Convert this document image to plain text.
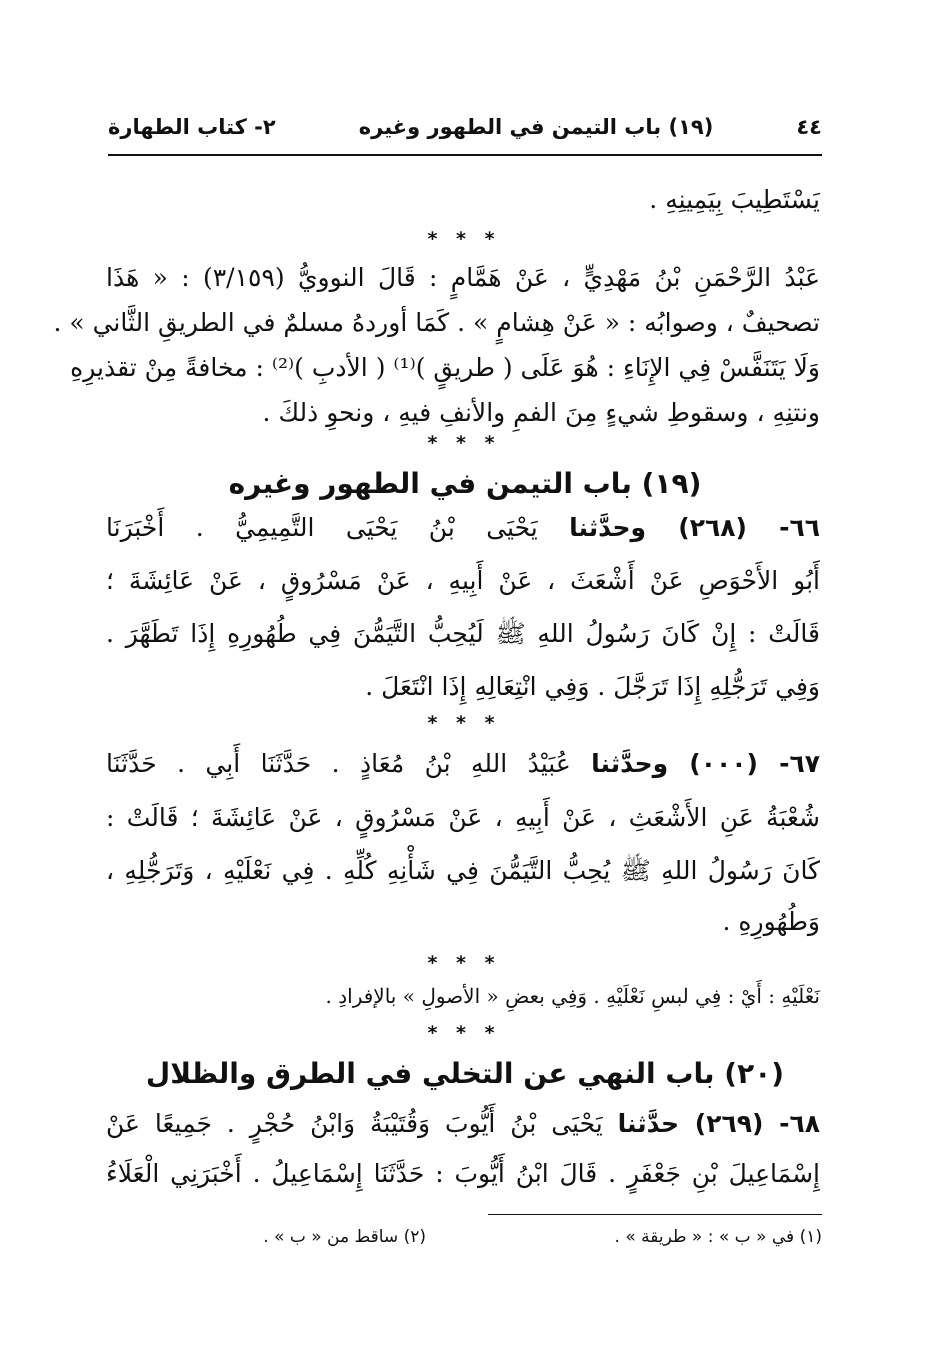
٤٤
(١٩) باب التيمن في الطهور وغيره
٢- كتاب الطهارة
يَسْتَطِيبَ بِيَمِينِهِ .
* * *
عَبْدُ الرَّحْمَنِ بْنُ مَهْدِيٍّ ، عَنْ هَمَّامٍ : قَالَ النوويُّ (٣/١٥٩) : « هَذَا
تصحيفٌ ، وصوابُه : « عَنْ هِشامٍ » . كَمَا أوردهُ مسلمٌ في الطريقِ الثَّاني » .
وَلَا يَتَنَفَّسْ فِي الإِنَاءِ : هُوَ عَلَى ( طريقٍ )⁽¹⁾ ( الأدبِ )⁽²⁾ : مخافةً مِنْ تقذيرِهِ
ونتنِهِ ، وسقوطِ شيءٍ مِنَ الفمِ والأنفِ فيهِ ، ونحوِ ذلكَ .
* * *
(١٩) باب التيمن في الطهور وغيره
٦٦- (٢٦٨) وحدَّثنا يَحْيَى بْنُ يَحْيَى التَّمِيمِيُّ . أَخْبَرَنَا
أَبُو الأَحْوَصِ عَنْ أَشْعَثَ ، عَنْ أَبِيهِ ، عَنْ مَسْرُوقٍ ، عَنْ عَائِشَةَ ؛
قَالَتْ : إِنْ كَانَ رَسُولُ اللهِ ﷺ لَيُحِبُّ التَّيَمُّنَ فِي طُهُورِهِ إِذَا تَطَهَّرَ .
وَفِي تَرَجُّلِهِ إِذَا تَرَجَّلَ . وَفِي انْتِعَالِهِ إِذَا انْتَعَلَ .
* * *
٦٧- (٠٠٠) وحدَّثنا عُبَيْدُ اللهِ بْنُ مُعَاذٍ . حَدَّثَنَا أَبِي . حَدَّثَنَا
شُعْبَةُ عَنِ الأَشْعَثِ ، عَنْ أَبِيهِ ، عَنْ مَسْرُوقٍ ، عَنْ عَائِشَةَ ؛ قَالَتْ :
كَانَ رَسُولُ اللهِ ﷺ يُحِبُّ التَّيَمُّنَ فِي شَأْنِهِ كُلِّهِ . فِي نَعْلَيْهِ ، وَتَرَجُّلِهِ ،
وَطُهُورِهِ .
* * *
نَعْلَيْهِ : أَيْ : فِي لبسِ نَعْلَيْهِ . وَفِي بعضِ « الأصولِ » بالإفرادِ .
* * *
(٢٠) باب النهي عن التخلي في الطرق والظلال
٦٨- (٢٦٩) حدَّثنا يَحْيَى بْنُ أَيُّوبَ وَقُتَيْبَةُ وَابْنُ حُجْرٍ . جَمِيعًا عَنْ
إِسْمَاعِيلَ بْنِ جَعْفَرٍ . قَالَ ابْنُ أَيُّوبَ : حَدَّثَنَا إِسْمَاعِيلُ . أَخْبَرَنِي الْعَلَاءُ
(١) في « ب » : « طريقة » .
(٢) ساقط من « ب » .
